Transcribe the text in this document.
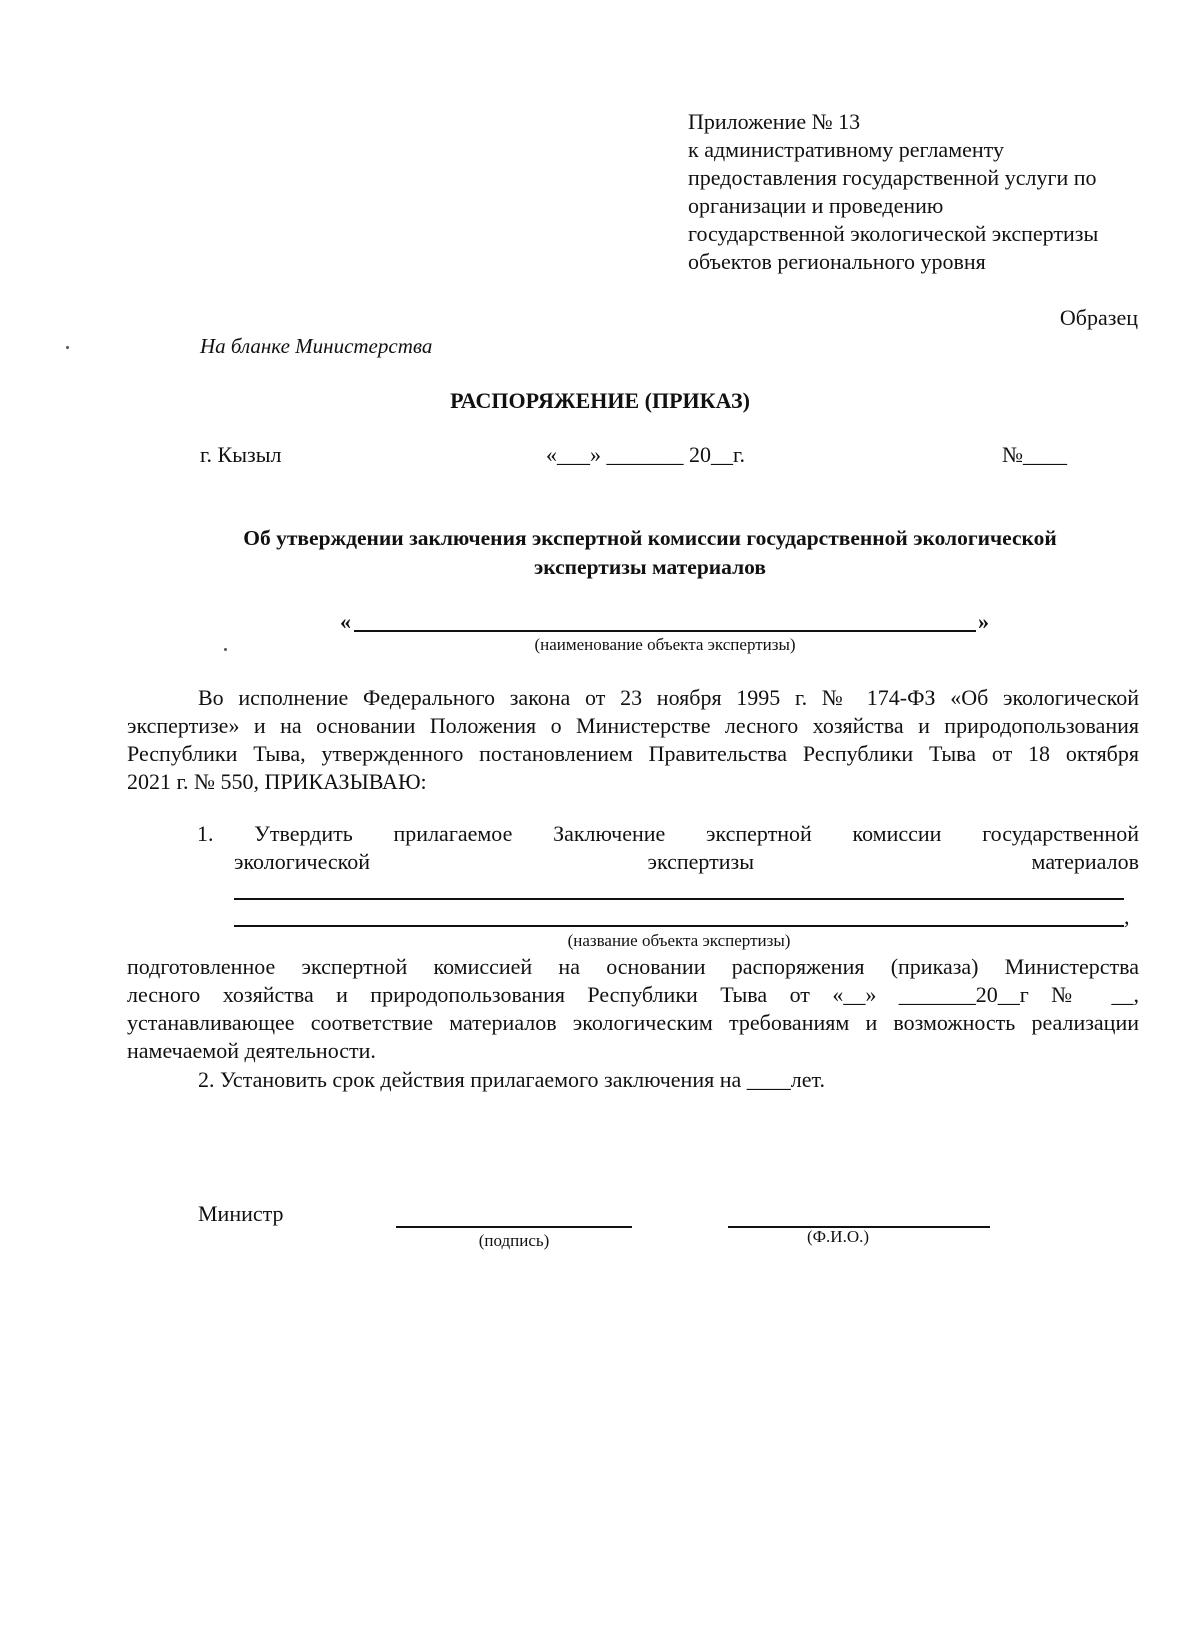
Приложение № 13
к административному регламенту
предоставления государственной услуги по
организации и проведению
государственной экологической экспертизы
объектов регионального уровня
Образец
На бланке Министерства
РАСПОРЯЖЕНИЕ (ПРИКАЗ)
г. Кызыл	«___» _______ 20__г.	№____
Об утверждении заключения экспертной комиссии государственной экологической
экспертизы материалов
«	»
(наименование объекта экспертизы)
Во исполнение Федерального закона от 23 ноября 1995 г. № 174-ФЗ «Об экологической
экспертизе» и на основании Положения о Министерстве лесного хозяйства и природопользования
Республики Тыва, утвержденного постановлением Правительства Республики Тыва от 18 октября
2021 г. № 550, ПРИКАЗЫВАЮ:
1. Утвердить прилагаемое Заключение экспертной комиссии государственной
экологической экспертизы материалов
,
(название объекта экспертизы)
подготовленное экспертной комиссией на основании распоряжения (приказа) Министерства
лесного хозяйства и природопользования Республики Тыва от «__» _______20__г № __,
устанавливающее соответствие материалов экологическим требованиям и возможность реализации
намечаемой деятельности.
2. Установить срок действия прилагаемого заключения на ____лет.
Министр
(подпись)	(Ф.И.О.)
